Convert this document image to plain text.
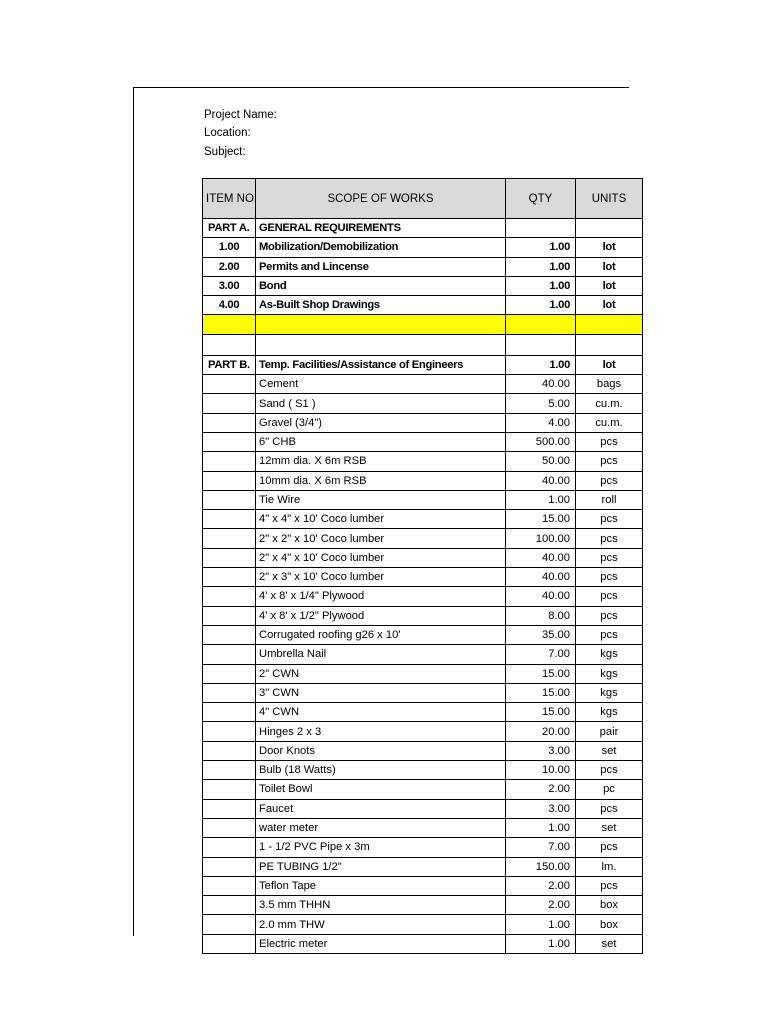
Project Name:
Location:
Subject:
ITEM NO.	SCOPE OF WORKS	QTY	UNITS
PART A.	GENERAL REQUIREMENTS		
1.00	Mobilization/Demobilization	1.00	lot
2.00	Permits and Lincense	1.00	lot
3.00	Bond	1.00	lot
4.00	As-Built Shop Drawings	1.00	lot

PART B.	Temp. Facilities/Assistance of Engineers	1.00	lot
	Cement	40.00	bags
	Sand ( S1 )	5.00	cu.m.
	Gravel (3/4")	4.00	cu.m.
	6" CHB	500.00	pcs
	12mm dia. X 6m RSB	50.00	pcs
	10mm dia. X 6m RSB	40.00	pcs
	Tie Wire	1.00	roll
	4" x 4" x 10' Coco lumber	15.00	pcs
	2" x 2" x 10' Coco lumber	100.00	pcs
	2" x 4" x 10' Coco lumber	40.00	pcs
	2" x 3" x 10' Coco lumber	40.00	pcs
	4' x 8' x 1/4" Plywood	40.00	pcs
	4' x 8' x 1/2" Plywood	8.00	pcs
	Corrugated roofing g26 x 10'	35.00	pcs
	Umbrella Nail	7.00	kgs
	2" CWN	15.00	kgs
	3" CWN	15.00	kgs
	4" CWN	15.00	kgs
	Hinges 2 x 3	20.00	pair
	Door Knots	3.00	set
	Bulb (18 Watts)	10.00	pcs
	Toilet Bowl	2.00	pc
	Faucet	3.00	pcs
	water meter	1.00	set
	1 - 1/2 PVC Pipe x 3m	7.00	pcs
	PE TUBING 1/2"	150.00	lm.
	Teflon Tape	2.00	pcs
	3.5 mm THHN	2.00	box
	2.0 mm THW	1.00	box
	Electric meter	1.00	set
